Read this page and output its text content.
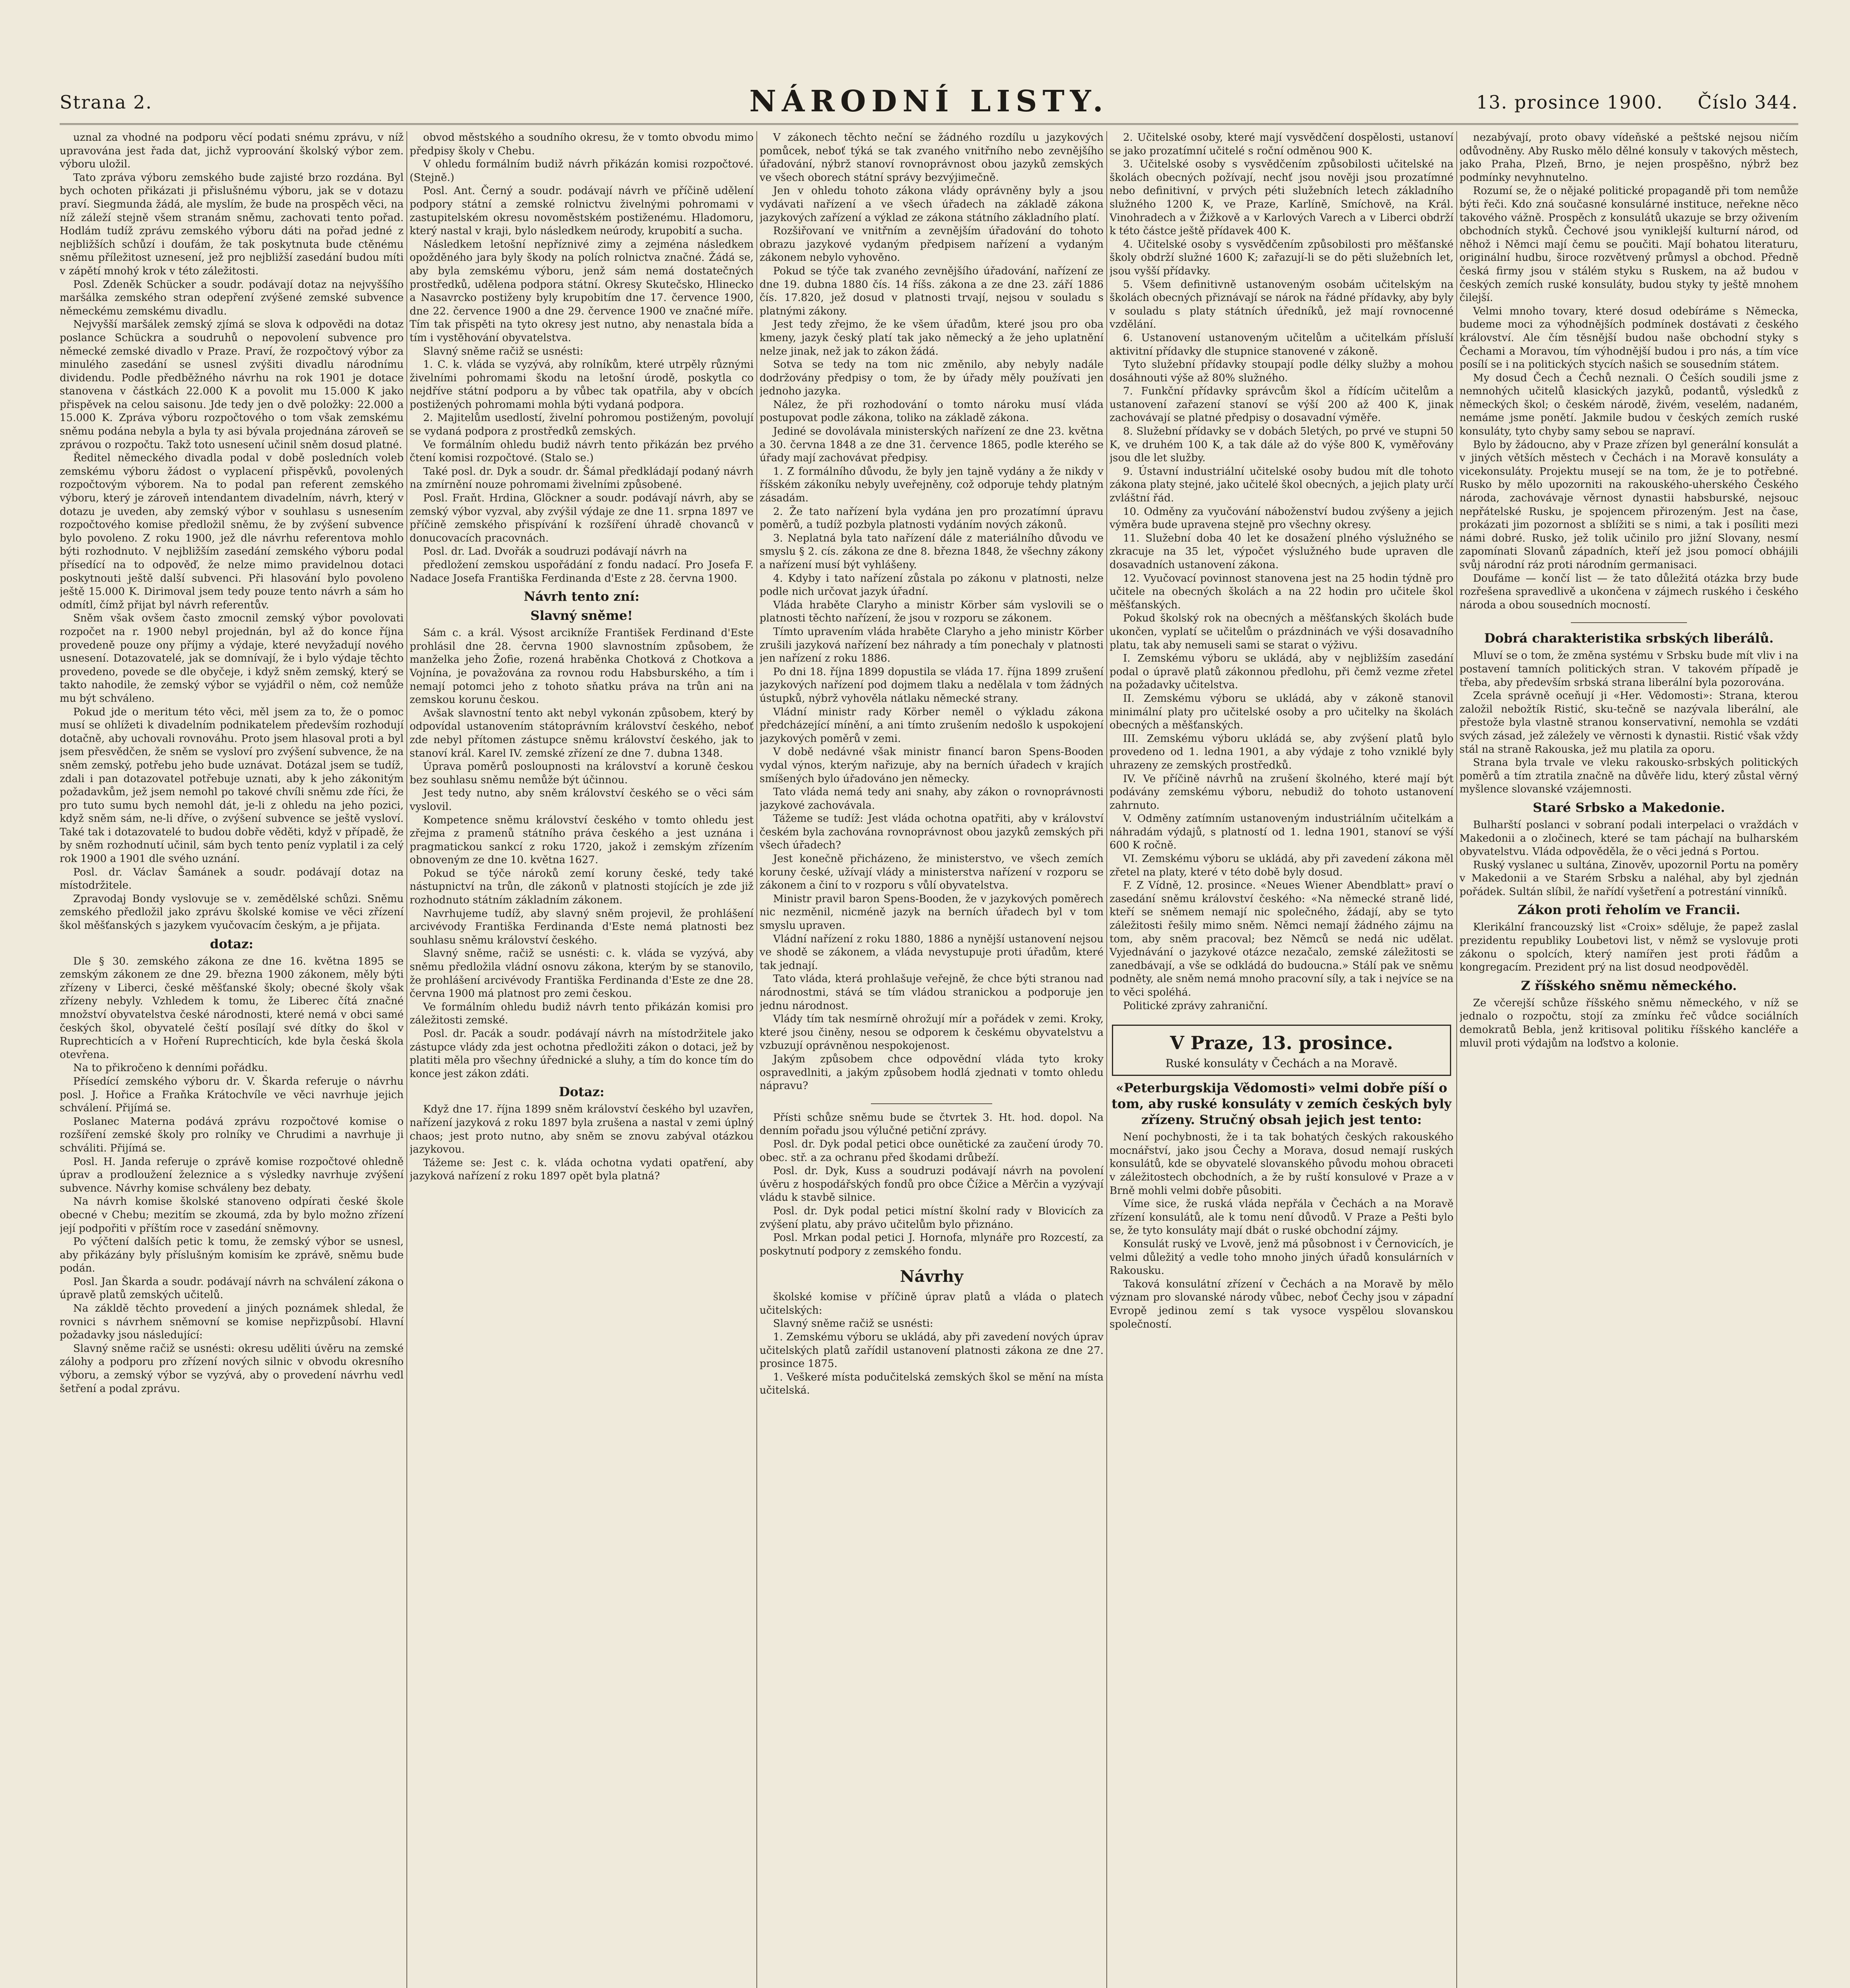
Strana 2.	NÁRODNÍ LISTY.	13. prosince 1900. Číslo 344.

uznal za vhodné na podporu věcí podati snému zprávu, v níž upravována jest řada dat, jichž vyproování školský výbor zem. výboru uložil.

Tato zpráva výboru zemského bude zajisté brzo rozdána. Byl bych ochoten přikázati ji přislušnému výboru, jak se v dotazu praví. Siegmunda žádá, ale myslím, že bude na prospěch věci, na níž záleží stejně všem stranám sněmu, zachovati tento pořad. Hodlám tudíž zprávu zemského výboru dáti na pořad jedné z nejbližších schůzí i doufám, že tak poskytnuta bude ctěnému sněmu příležitost uznesení, jež pro nejbližší zasedání budou míti v zápětí mnohý krok v této záležitosti.

Posl. Zdeněk Schücker a soudr. podávají dotaz na nejvyššího maršálka zemského stran odepření zvýšené zemské subvence německému zemskému divadlu.

Nejvyšší maršálek zemský zjímá se slova k odpovědi na dotaz poslance Schückra a soudruhů o nepovolení subvence pro německé zemské divadlo v Praze. Praví, že rozpočtový výbor za minulého zasedání se usnesl zvýšiti divadlu národnímu dividendu. Podle předběžného návrhu na rok 1901 je dotace stanovena v částkách 22.000 K a povolit mu 15.000 K jako přispěvek na celou saisonu. Jde tedy jen o dvě položky: 22.000 a 15.000 K. Zpráva výboru rozpočtového o tom však zemskému sněmu podána nebyla a byla ty asi bývala projednána zároveň se zprávou o rozpočtu. Takž toto usnesení učinil sněm dosud platné.

Ředitel německého divadla podal v době posledních voleb zemskému výboru žádost o vyplacení přispěvků, povolených rozpočtovým výborem. Na to podal pan referent zemského výboru, který je zároveň intendantem divadelním, návrh, který v dotazu je uveden, aby zemský výbor v souhlasu s usnesením rozpočtového komise předložil sněmu, že by zvýšení subvence bylo povoleno. Z roku 1900, jež dle návrhu referentova mohlo býti rozhodnuto. V nejbližším zasedání zemského výboru podal přísedící na to odpověď, že nelze mimo pravidelnou dotaci poskytnouti ještě další subvenci. Při hlasování bylo povoleno ještě 15.000 K. Dirimoval jsem tedy pouze tento návrh a sám ho odmítl, čímž přijat byl návrh referentův.

Sněm však ovšem často zmocnil zemský výbor povolovati rozpočet na r. 1900 nebyl projednán, byl až do konce října provedeně pouze ony příjmy a výdaje, které nevyžadují nového usnesení. Dotazovatelé, jak se domnívají, že i bylo výdaje těchto provedeno, povede se dle obyčeje, i když sněm zemský, který se takto nahodile, že zemský výbor se vyjádřil o něm, což nemůže mu být schváleno.

Pokud jde o meritum této věci, měl jsem za to, že o pomoc musí se ohlížeti k divadelním podnikatelem především rozhodují dotačně, aby uchovali rovnováhu. Proto jsem hlasoval proti a byl jsem přesvědčen, že sněm se vysloví pro zvýšení subvence, že na sněm zemský, potřebu jeho bude uznávat. Dotázal jsem se tudíž, zdali i pan dotazovatel potřebuje uznati, aby k jeho zákonitým požadavkům, jež jsem nemohl po takové chvíli sněmu zde říci, že pro tuto sumu bych nemohl dát, je-li z ohledu na jeho pozici, když sněm sám, ne-li dříve, o zvýšení subvence se ještě vysloví. Také tak i dotazovatelé to budou dobře věděti, když v případě, že by sněm rozhodnutí učinil, sám bych tento peníz vyplatil i za celý rok 1900 a 1901 dle svého uznání.

Posl. dr. Václav Šamánek a soudr. podávají dotaz na místodržitele.

Zpravodaj Bondy vyslovuje se v. zemědělské schůzi. Sněmu zemského předložil jako zprávu školské komise ve věci zřízení škol měšťanských s jazykem vyučovacím českým, a je přijata.

dotaz:

Dle § 30. zemského zákona ze dne 16. května 1895 se zemským zákonem ze dne 29. března 1900 zákonem, měly býti zřízeny v Liberci, české měšťanské školy; obecné školy však zřízeny nebyly. Vzhledem k tomu, že Liberec čítá značné množství obyvatelstva české národnosti, které nemá v obci samé českých škol, obyvatelé čeští posílají své dítky do škol v Ruprechticích a v Hoření Ruprechticích, kde byla česká škola otevřena.

Na to přikročeno k denními pořádku.

Přísedící zemského výboru dr. V. Škarda referuje o návrhu posl. J. Hořice a Fraňka Krátochvíle ve věci navrhuje jejich schválení. Přijímá se.

Poslanec Materna podává zprávu rozpočtové komise o rozšíření zemské školy pro rolníky ve Chrudimi a navrhuje ji schváliti. Přijímá se.

Posl. H. Janda referuje o zprávě komise rozpočtové ohledně úprav a prodloužení železnice a s výsledky navrhuje zvýšení subvence. Návrhy komise schváleny bez debaty.

Na návrh komise školské stanoveno odpírati české škole obecné v Chebu; mezitím se zkoumá, zda by bylo možno zřízení její podpořiti v příštím roce v zasedání sněmovny.

Po výčtení dalších petic k tomu, že zemský výbor se usnesl, aby přikázány byly příslušným komisím ke zprávě, sněmu bude podán.

Posl. Jan Škarda a soudr. podávají návrh na schválení zákona o úpravě platů zemských učitelů.

Na zákldě těchto provedení a jiných poznámek shledal, že rovnici s návrhem sněmovní se komise nepřizpůsobí. Hlavní požadavky jsou následující:

Slavný sněme račiž se usnésti: okresu uděliti úvěru na zemské zálohy a podporu pro zřízení nových silnic v obvodu okresního výboru, a zemský výbor se vyzývá, aby o provedení návrhu vedl šetření a podal zprávu.

obvod městského a soudního okresu, že v tomto obvodu mimo předpisy školy v Chebu.

V ohledu formálním budiž návrh přikázán komisi rozpočtové. (Stejně.)

Posl. Ant. Černý a soudr. podávají návrh ve příčině udělení podpory státní a zemské rolnictvu živelnými pohromami v zastupitelském okresu novoměstském postiženému. Hladomoru, který nastal v kraji, bylo následkem neúrody, krupobití a sucha.

Následkem letošní nepříznivé zimy a zejména následkem opožděného jara byly škody na polích rolnictva značné. Žádá se, aby byla zemskému výboru, jenž sám nemá dostatečných prostředků, udělena podpora státní. Okresy Skutečsko, Hlinecko a Nasavrcko postiženy byly krupobitím dne 17. července 1900, dne 22. července 1900 a dne 29. července 1900 ve značné míře. Tím tak přispěti na tyto okresy jest nutno, aby nenastala bída a tím i vystěhování obyvatelstva.

Slavný sněme račiž se usnésti:

1. C. k. vláda se vyzývá, aby rolníkům, které utrpěly různými živelními pohromami škodu na letošní úrodě, poskytla co nejdříve státní podporu a by vůbec tak opatřila, aby v obcích postižených pohromami mohla býti vydaná podpora.

2. Majitelům usedlostí, živelní pohromou postiženým, povolují se vydaná podpora z prostředků zemských.

Ve formálním ohledu budiž návrh tento přikázán bez prvého čtení komisi rozpočtové. (Stalo se.)

Také posl. dr. Dyk a soudr. dr. Šámal předkládají podaný návrh na zmírnění nouze pohromami živelními způsobené.

Posl. Fraňt. Hrdina, Glöckner a soudr. podávají návrh, aby se zemský výbor vyzval, aby zvýšil výdaje ze dne 11. srpna 1897 ve příčině zemského přispívání k rozšíření úhradě chovanců v donucovacích pracovnách.

Posl. dr. Lad. Dvořák a soudruzi podávají návrh na

předložení zemskou uspořádání z fondu nadací. Pro Josefa F. Nadace Josefa Františka Ferdinanda d'Este z 28. června 1900.

Návrh tento zní:
Slavný sněme!

Sám c. a král. Výsost arcikníže František Ferdinand d'Este prohlásil dne 28. června 1900 slavnostním způsobem, že manželka jeho Žofie, rozená hraběnka Chotková z Chotkova a Vojnína, je považována za rovnou rodu Habsburského, a tím i nemají potomci jeho z tohoto sňatku práva na trůn ani na zemskou korunu českou.

Avšak slavnostní tento akt nebyl vykonán způsobem, který by odpovídal ustanovením státoprávním království českého, neboť zde nebyl přítomen zástupce sněmu království českého, jak to stanoví král. Karel IV. zemské zřízení ze dne 7. dubna 1348.

Úprava poměrů posloupnosti na království a koruně českou bez souhlasu sněmu nemůže být účinnou.

Jest tedy nutno, aby sněm království českého se o věci sám vyslovil.

Kompetence sněmu království českého v tomto ohledu jest zřejma z pramenů státního práva českého a jest uznána i pragmatickou sankcí z roku 1720, jakož i zemským zřízením obnoveným ze dne 10. května 1627.

Pokud se týče nároků zemí koruny české, tedy také nástupnictví na trůn, dle zákonů v platnosti stojících je zde již rozhodnuto státním základním zákonem.

Navrhujeme tudíž, aby slavný sněm projevil, že prohlášení arcivévody Františka Ferdinanda d'Este nemá platnosti bez souhlasu sněmu království českého.

Slavný sněme, račiž se usnésti: c. k. vláda se vyzývá, aby sněmu předložila vládní osnovu zákona, kterým by se stanovilo, že prohlášení arcivévody Františka Ferdinanda d'Este ze dne 28. června 1900 má platnost pro zemi českou.

Ve formálním ohledu budiž návrh tento přikázán komisi pro záležitosti zemské.

Posl. dr. Pacák a soudr. podávají návrh na místodržitele jako zástupce vlády zda jest ochotna předložiti zákon o dotaci, jež by platiti měla pro všechny úřednické a sluhy, a tím do konce tím do konce jest zákon zdáti.

Dotaz:

Když dne 17. října 1899 sněm království českého byl uzavřen, nařízení jazyková z roku 1897 byla zrušena a nastal v zemi úplný chaos; jest proto nutno, aby sněm se znovu zabýval otázkou jazykovou.

Tážeme se: Jest c. k. vláda ochotna vydati opatření, aby jazyková nařízení z roku 1897 opět byla platná?

V zákonech těchto neční se žádného rozdílu u jazykových pomůcek, neboť týká se tak zvaného vnitřního nebo zevnějšího úřadování, nýbrž stanoví rovnoprávnost obou jazyků zemských ve všech oborech státní správy bezvýjimečně.

Jen v ohledu tohoto zákona vlády oprávněny byly a jsou vydávati nařízení a ve všech úřadech na základě zákona jazykových zařízení a výklad ze zákona státního základního platí.

Rozšiřovaní ve vnitřním a zevnějším úřadování do tohoto obrazu jazykové vydaným předpisem nařízení a vydaným zákonem nebylo vyhověno.

Pokud se týče tak zvaného zevnějšího úřadování, nařízení ze dne 19. dubna 1880 čís. 14 říšs. zákona a ze dne 23. září 1886 čís. 17.820, jež dosud v platnosti trvají, nejsou v souladu s platnými zákony.

Jest tedy zřejmo, že ke všem úřadům, které jsou pro oba kmeny, jazyk český platí tak jako německý a že jeho uplatnění nelze jinak, než jak to zákon žádá.

Sotva se tedy na tom nic změnilo, aby nebyly nadále dodržovány předpisy o tom, že by úřady měly používati jen jednoho jazyka.

Nález, že při rozhodování o tomto nároku musí vláda postupovat podle zákona, toliko na základě zákona.

Jediné se dovolávala ministerských nařízení ze dne 23. května a 30. června 1848 a ze dne 31. července 1865, podle kterého se úřady mají zachovávat předpisy.

1. Z formálního důvodu, že byly jen tajně vydány a že nikdy v říšském zákoníku nebyly uveřejněny, což odporuje tehdy platným zásadám.

2. Že tato nařízení byla vydána jen pro prozatímní úpravu poměrů, a tudíž pozbyla platnosti vydáním nových zákonů.

3. Neplatná byla tato nařízení dále z materiálního důvodu ve smyslu § 2. cís. zákona ze dne 8. března 1848, že všechny zákony a nařízení musí být vyhlášeny.

4. Kdyby i tato nařízení zůstala po zákonu v platnosti, nelze podle nich určovat jazyk úřadní.

Vláda hraběte Claryho a ministr Körber sám vyslovili se o platnosti těchto nařízení, že jsou v rozporu se zákonem.

Tímto upravením vláda hraběte Claryho a jeho ministr Körber zrušili jazyková nařízení bez náhrady a tím ponechaly v platnosti jen nařízení z roku 1886.

Po dni 18. října 1899 dopustila se vláda 17. října 1899 zrušení jazykových nařízení pod dojmem tlaku a nedělala v tom žádných ústupků, nýbrž vyhověla nátlaku německé strany.

Vládní ministr rady Körber neměl o výkladu zákona předcházející mínění, a ani tímto zrušením nedošlo k uspokojení jazykových poměrů v zemi.

V době nedávné však ministr financí baron Spens-Booden vydal výnos, kterým nařizuje, aby na berních úřadech v krajích smíšených bylo úřadováno jen německy.

Tato vláda nemá tedy ani snahy, aby zákon o rovnoprávnosti jazykové zachovávala.

Tážeme se tudíž: Jest vláda ochotna opatřiti, aby v království českém byla zachována rovnoprávnost obou jazyků zemských při všech úřadech?

Jest konečně přicházeno, že ministerstvo, ve všech zemích koruny české, užívají vlády a ministerstva nařízení v rozporu se zákonem a činí to v rozporu s vůlí obyvatelstva.

Ministr pravil baron Spens-Booden, že v jazykových poměrech nic nezměnil, nicméně jazyk na berních úřadech byl v tom smyslu upraven.

Vládní nařízení z roku 1880, 1886 a nynější ustanovení nejsou ve shodě se zákonem, a vláda nevystupuje proti úřadům, které tak jednají.

Tato vláda, která prohlašuje veřejně, že chce býti stranou nad národnostmi, stává se tím vládou stranickou a podporuje jen jednu národnost.

Vlády tím tak nesmírně ohrožují mír a pořádek v zemi. Kroky, které jsou činěny, nesou se odporem k českému obyvatelstvu a vzbuzují oprávněnou nespokojenost.

Jakým způsobem chce odpovědní vláda tyto kroky ospravedlniti, a jakým způsobem hodlá zjednati v tomto ohledu nápravu?

Přísti schůze sněmu bude se čtvrtek 3. Ht. hod. dopol. Na denním pořadu jsou výlučné petiční zprávy.

Posl. dr. Dyk podal petici obce ounětické za zaučení úrody 70. obec. stř. a za ochranu před škodami drůbeží.

Posl. dr. Dyk, Kuss a soudruzi podávají návrh na povolení úvěru z hospodářských fondů pro obce Čížice a Měrčin a vyzývají vládu k stavbě silnice.

Posl. dr. Dyk podal petici místní školní rady v Blovicích za zvýšení platu, aby právo učitelům bylo přiznáno.

Posl. Mrkan podal petici J. Hornofa, mlynáře pro Rozcestí, za poskytnutí podpory z zemského fondu.

Návrhy

školské komise v příčině úprav platů a vláda o platech učitelských:

Slavný sněme račiž se usnésti:

1. Zemskému výboru se ukládá, aby při zavedení nových úprav učitelských platů zařídil ustanovení platnosti zákona ze dne 27. prosince 1875.

1. Veškeré místa podučitelská zemských škol se mění na místa učitelská.

2. Učitelské osoby, které mají vysvědčení dospělosti, ustanoví se jako prozatímní učitelé s roční odměnou 900 K.

3. Učitelské osoby s vysvědčením způsobilosti učitelské na školách obecných požívají, nechť jsou nověji jsou prozatímné nebo definitivní, v prvých péti služebních letech základního služného 1200 K, ve Praze, Karlíně, Smíchově, na Král. Vinohradech a v Žižkově a v Karlových Varech a v Liberci obdrží k této částce ještě přídavek 400 K.

4. Učitelské osoby s vysvědčením způsobilosti pro měšťanské školy obdrží služné 1600 K; zařazují-li se do pěti služebních let, jsou vyšší přídavky.

5. Všem definitivně ustanoveným osobám učitelským na školách obecných přiznávají se nárok na řádné přídavky, aby byly v souladu s platy státních úředníků, jež mají rovnocenné vzdělání.

6. Ustanovení ustanoveným učitelům a učitelkám přísluší aktivitní přídavky dle stupnice stanovené v zákoně.

Tyto služební přídavky stoupají podle délky služby a mohou dosáhnouti výše až 80% služného.

7. Funkční přídavky správcům škol a řídícím učitelům a ustanovení zařazení stanoví se výší 200 až 400 K, jinak zachovávají se platné předpisy o dosavadní výměře.

8. Služební přídavky se v dobách 5letých, po prvé ve stupni 50 K, ve druhém 100 K, a tak dále až do výše 800 K, vyměřovány jsou dle let služby.

9. Ústavní industriální učitelské osoby budou mít dle tohoto zákona platy stejné, jako učitelé škol obecných, a jejich platy určí zvláštní řád.

10. Odměny za vyučování náboženství budou zvýšeny a jejich výměra bude upravena stejně pro všechny okresy.

11. Služební doba 40 let ke dosažení plného výslužného se zkracuje na 35 let, výpočet výslužného bude upraven dle dosavadních ustanovení zákona.

12. Vyučovací povinnost stanovena jest na 25 hodin týdně pro učitele na obecných školách a na 22 hodin pro učitele škol měšťanských.

Pokud školský rok na obecných a měšťanských školách bude ukončen, vyplatí se učitelům o prázdninách ve výši dosavadního platu, tak aby nemuseli sami se starat o výživu.

I. Zemskému výboru se ukládá, aby v nejbližším zasedání podal o úpravě platů zákonnou předlohu, při čemž vezme zřetel na požadavky učitelstva.

II. Zemskému výboru se ukládá, aby v zákoně stanovil minimální platy pro učitelské osoby a pro učitelky na školách obecných a měšťanských.

III. Zemskému výboru ukládá se, aby zvýšení platů bylo provedeno od 1. ledna 1901, a aby výdaje z toho vzniklé byly uhrazeny ze zemských prostředků.

IV. Ve příčině návrhů na zrušení školného, které mají být podávány zemskému výboru, nebudiž do tohoto ustanovení zahrnuto.

V. Odměny zatímním ustanoveným industriálním učitelkám a náhradám výdajů, s platností od 1. ledna 1901, stanoví se výší 600 K ročně.

VI. Zemskému výboru se ukládá, aby při zavedení zákona měl zřetel na platy, které v této době byly dosud.

F. Z Vídně, 12. prosince. «Neues Wiener Abendblatt» praví o zasedání sněmu království českého: «Na německé straně lidé, kteří se sněmem nemají nic společného, žádají, aby se tyto záležitosti řešily mimo sněm. Němci nemají žádného zájmu na tom, aby sněm pracoval; bez Němců se nedá nic udělat. Vyjednávání o jazykové otázce nezačalo, zemské záležitosti se zanedbávají, a vše se odkládá do budoucna.» Stálí pak ve sněmu podněty, ale sněm nemá mnoho pracovní síly, a tak i nejvíce se na to věci spoléhá.

Politické zprávy zahraniční.

V Praze, 13. prosince.
Ruské konsuláty v Čechách a na Moravě.
«Peterburgskija Vědomosti» velmi dobře píší o tom, aby ruské konsuláty v zemích českých byly zřízeny. Stručný obsah jejich jest tento:

Není pochybnosti, že i ta tak bohatých českých rakouského mocnářství, jako jsou Čechy a Morava, dosud nemají ruských konsulátů, kde se obyvatelé slovanského původu mohou obraceti v záležitostech obchodních, a že by ruští konsulové v Praze a v Brně mohli velmi dobře působiti.

Víme sice, že ruská vláda nepřála v Čechách a na Moravě zřízení konsulátů, ale k tomu není důvodů. V Praze a Pešti bylo se, že tyto konsuláty mají dbát o ruské obchodní zájmy.

Konsulát ruský ve Lvově, jenž má působnost i v Černovicích, je velmi důležitý a vedle toho mnoho jiných úřadů konsulárních v Rakousku.

Taková konsulátní zřízení v Čechách a na Moravě by mělo význam pro slovanské národy vůbec, neboť Čechy jsou v západní Evropě jedinou zemí s tak vysoce vyspělou slovanskou společností.

nezabývají, proto obavy vídeňské a peštské nejsou ničím odůvodněny. Aby Rusko mělo dělné konsuly v takových městech, jako Praha, Plzeň, Brno, je nejen prospěšno, nýbrž bez podmínky nevyhnutelno.

Rozumí se, že o nějaké politické propagandě při tom nemůže býti řeči. Kdo zná současné konsulárné instituce, neřekne něco takového vážně. Prospěch z konsulátů ukazuje se brzy oživením obchodních styků. Čechové jsou vyniklejší kulturní národ, od něhož i Němci mají čemu se poučiti. Mají bohatou literaturu, originální hudbu, široce rozvětvený průmysl a obchod. Předně česká firmy jsou v stálém styku s Ruskem, na až budou v českých zemích ruské konsuláty, budou styky ty ještě mnohem čilejší.

Velmi mnoho tovary, které dosud odebíráme s Německa, budeme moci za výhodnějších podmínek dostávati z českého království. Ale čím těsnější budou naše obchodní styky s Čechami a Moravou, tím výhodnější budou i pro nás, a tím více posílí se i na politických stycích našich se sousedním státem.

My dosud Čech a Čechů neznali. O Češích soudili jsme z nemnohých učitelů klasických jazyků, podantů, výsledků z německých škol; o českém národě, živém, veselém, nadaném, nemáme jsme ponětí. Jakmile budou v českých zemích ruské konsuláty, tyto chyby samy sebou se napraví.

Bylo by žádoucno, aby v Praze zřízen byl generální konsulát a v jiných větších městech v Čechách i na Moravě konsuláty a vicekonsuláty. Projektu musejí se na tom, že je to potřebné. Rusko by mělo upozorniti na rakouského-uherského Českého národa, zachovávaje věrnost dynastii habsburské, nejsouc nepřátelské Rusku, je spojencem přirozeným. Jest na čase, prokázati jim pozornost a sblížiti se s nimi, a tak i posíliti mezi námi dobré. Rusko, jež tolik učinilo pro jižní Slovany, nesmí zapomínati Slovanů západních, kteří jež jsou pomocí obhájili svůj národní ráz proti národním germanisaci.

Doufáme — končí list — že tato důležitá otázka brzy bude rozřešena spravedlivě a ukončena v zájmech ruského i českého národa a obou sousedních mocností.

Dobrá charakteristika srbských liberálů.

Mluví se o tom, že změna systému v Srbsku bude mít vliv i na postavení tamních politických stran. V takovém případě je třeba, aby především srbská strana liberální byla pozorována.

Zcela správně oceňují ji «Her. Vědomosti»: Strana, kterou založil nebožtík Ristić, sku-tečně se nazývala liberální, ale přestože byla vlastně stranou konservativní, nemohla se vzdáti svých zásad, jež záležely ve věrnosti k dynastii. Ristić však vždy stál na straně Rakouska, jež mu platila za oporu.

Strana byla trvale ve vleku rakousko-srbských politických poměrů a tím ztratila značně na důvěře lidu, který zůstal věrný myšlence slovanské vzájemnosti.

Staré Srbsko a Makedonie.

Bulharští poslanci v sobraní podali interpelaci o vraždách v Makedonii a o zločinech, které se tam páchají na bulharském obyvatelstvu. Vláda odpověděla, že o věci jedná s Portou.

Ruský vyslanec u sultána, Zinověv, upozornil Portu na poměry v Makedonii a ve Starém Srbsku a naléhal, aby byl zjednán pořádek. Sultán slíbil, že nařídí vyšetření a potrestání vinníků.

Zákon proti řeholím ve Francii.

Klerikální francouzský list «Croix» sděluje, že papež zaslal prezidentu republiky Loubetovi list, v němž se vyslovuje proti zákonu o spolcích, který namířen jest proti řádům a kongregacím. Prezident prý na list dosud neodpověděl.

Z říšského sněmu německého.

Ze včerejší schůze říšského sněmu německého, v níž se jednalo o rozpočtu, stojí za zmínku řeč vůdce sociálních demokratů Bebla, jenž kritisoval politiku říšského kancléře a mluvil proti výdajům na loďstvo a kolonie.
